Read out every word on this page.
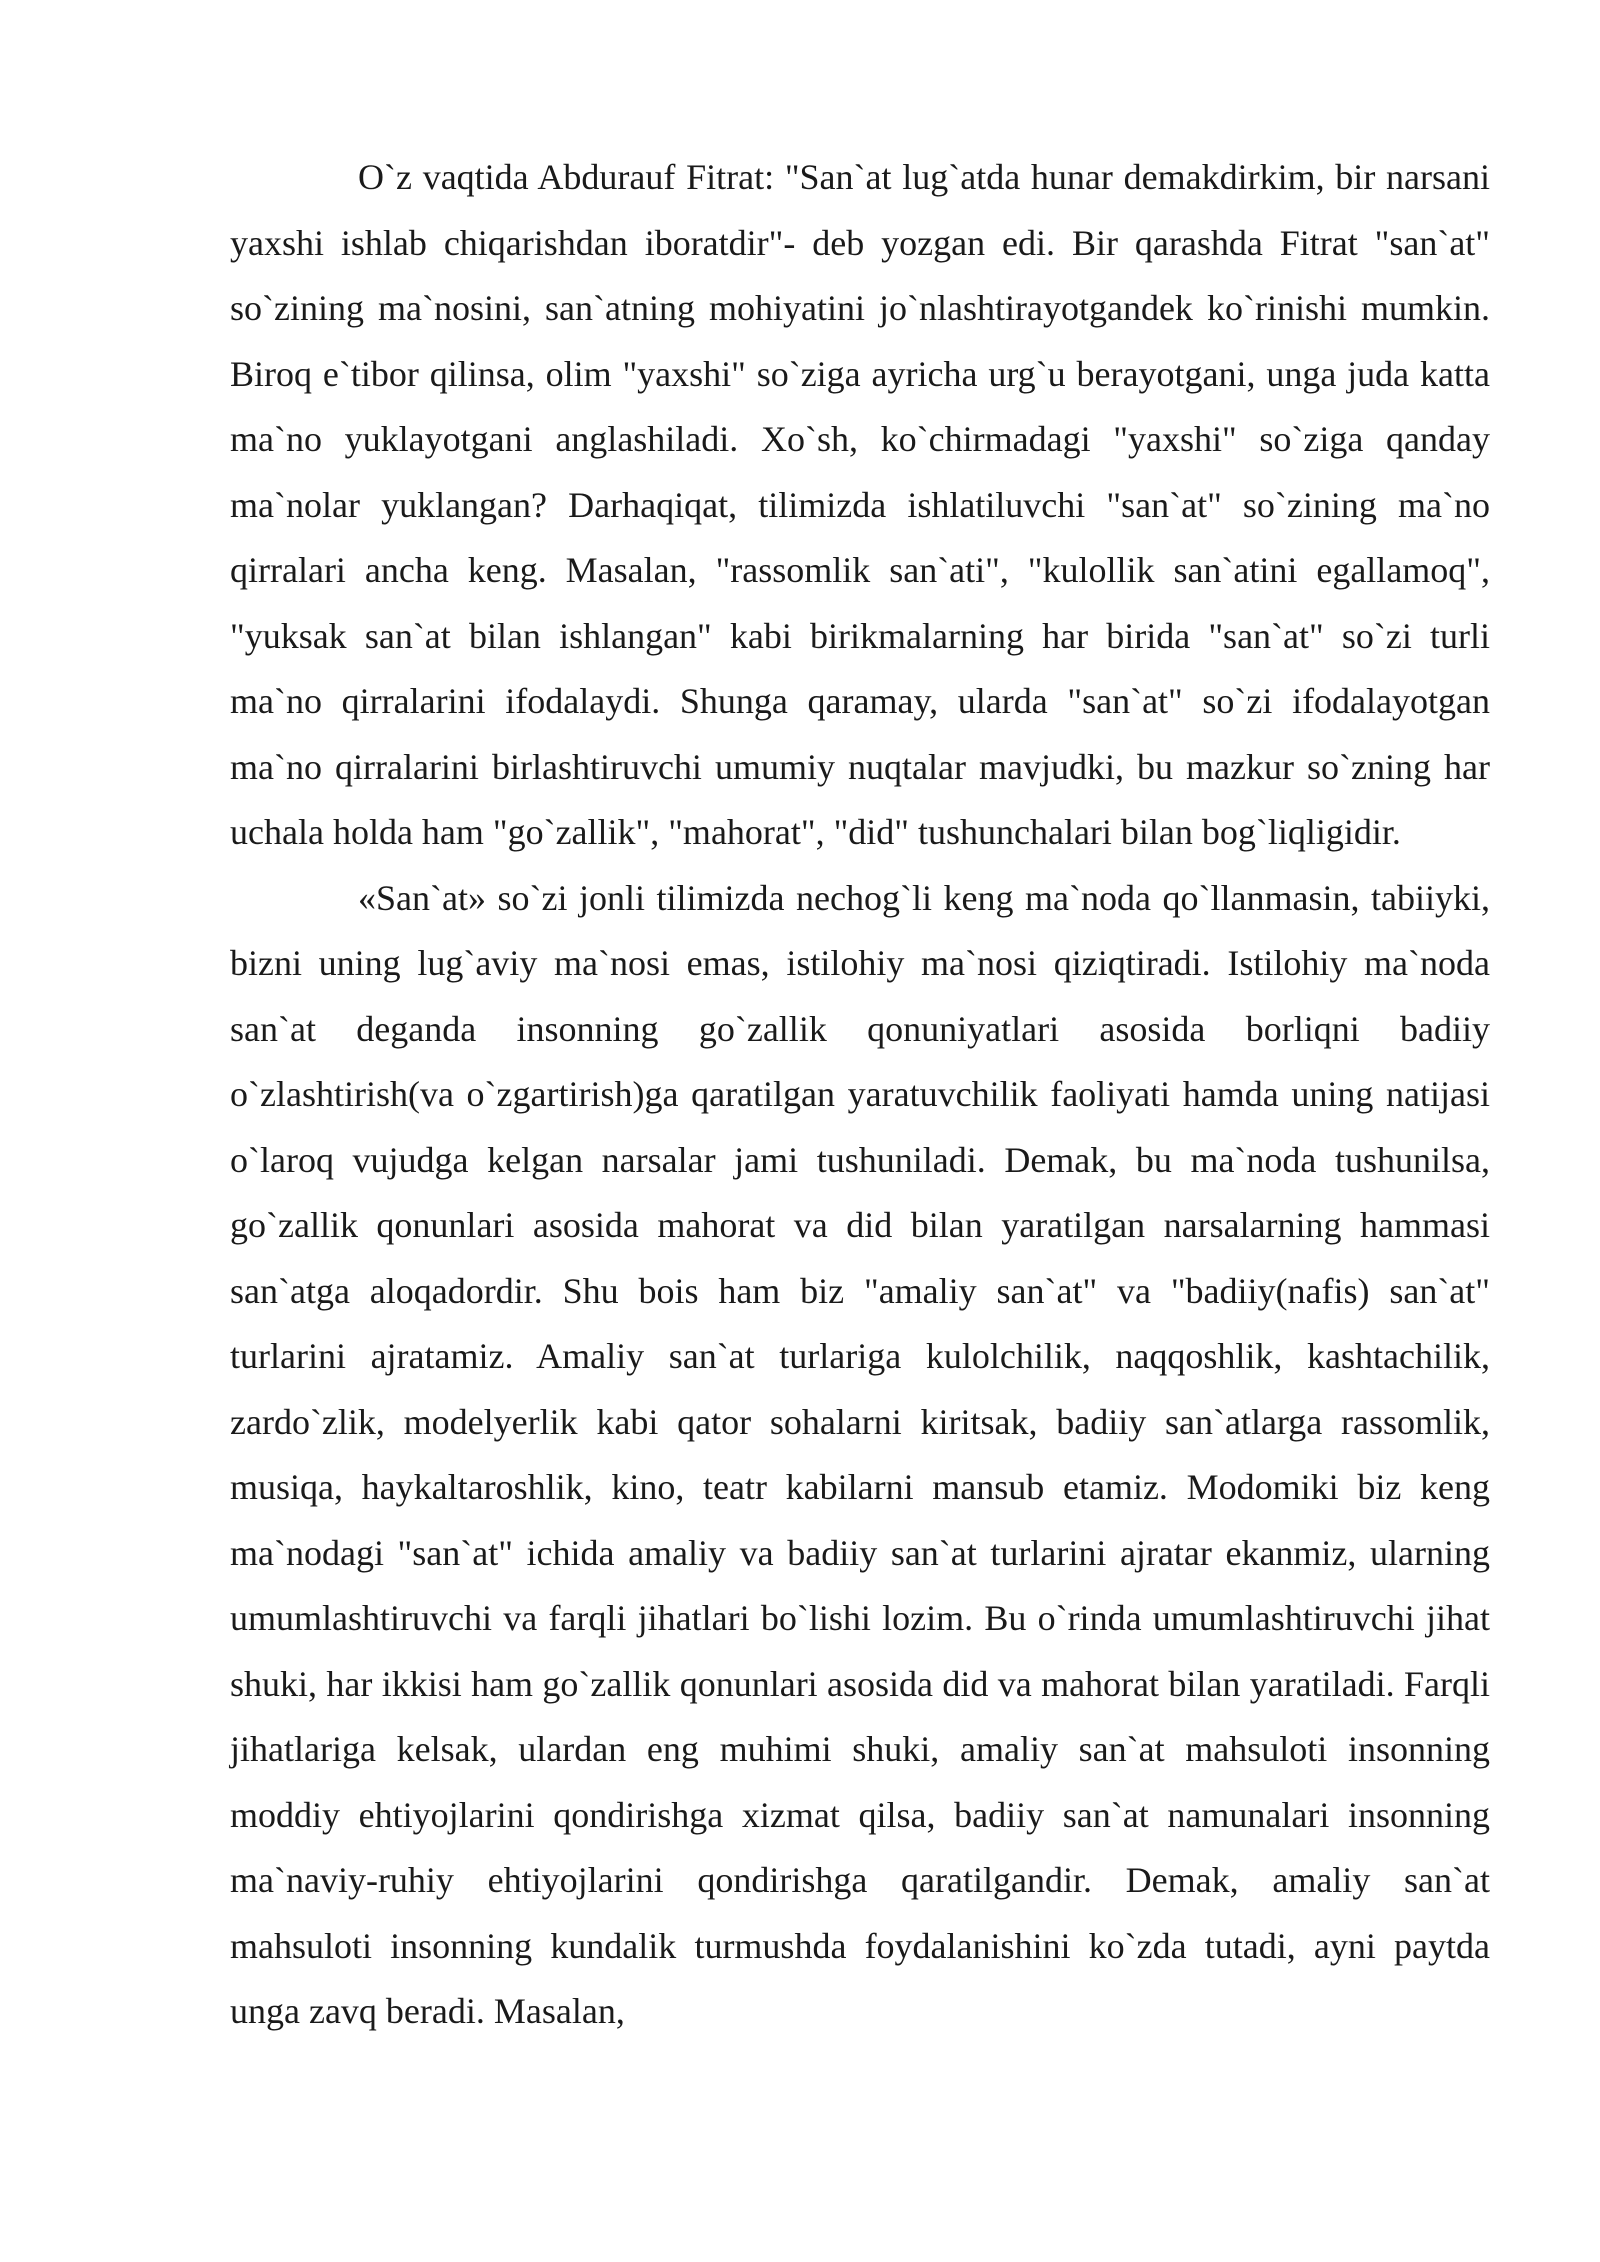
O`z vaqtida Abdurauf Fitrat: "San`at lug`atda hunar demakdirkim, bir narsani yaxshi ishlab chiqarishdan iboratdir"- deb yozgan edi. Bir qarashda Fitrat "san`at" so`zining ma`nosini, san`atning mohiyatini jo`nlashtirayotgandek ko`rinishi mumkin. Biroq e`tibor qilinsa, olim "yaxshi" so`ziga ayricha urg`u berayotgani, unga juda katta ma`no yuklayotgani anglashiladi. Xo`sh, ko`chirmadagi "yaxshi" so`ziga qanday ma`nolar yuklangan? Darhaqiqat, tilimizda ishlatiluvchi "san`at" so`zining ma`no qirralari ancha keng. Masalan, "rassomlik san`ati", "kulollik san`atini egallamoq", "yuksak san`at bilan ishlangan" kabi birikmalarning har birida "san`at" so`zi turli ma`no qirralarini ifodalaydi. Shunga qaramay, ularda "san`at" so`zi ifodalayotgan ma`no qirralarini birlashtiruvchi umumiy nuqtalar mavjudki, bu mazkur so`zning har uchala holda ham "go`zallik", "mahorat", "did" tushunchalari bilan bog`liqligidir.

«San`at» so`zi jonli tilimizda nechog`li keng ma`noda qo`llanmasin, tabiiyki, bizni uning lug`aviy ma`nosi emas, istilohiy ma`nosi qiziqtiradi. Istilohiy ma`noda san`at deganda insonning go`zallik qonuniyatlari asosida borliqni badiiy o`zlashtirish(va o`zgartirish)ga qaratilgan yaratuvchilik faoliyati hamda uning natijasi o`laroq vujudga kelgan narsalar jami tushuniladi. Demak, bu ma`noda tushunilsa, go`zallik qonunlari asosida mahorat va did bilan yaratilgan narsalarning hammasi san`atga aloqadordir. Shu bois ham biz "amaliy san`at" va "badiiy(nafis) san`at" turlarini ajratamiz. Amaliy san`at turlariga kulolchilik, naqqoshlik, kashtachilik, zardo`zlik, modelyerlik kabi qator sohalarni kiritsak, badiiy san`atlarga rassomlik, musiqa, haykaltaroshlik, kino, teatr kabilarni mansub etamiz. Modomiki biz keng ma`nodagi "san`at" ichida amaliy va badiiy san`at turlarini ajratar ekanmiz, ularning umumlashtiruvchi va farqli jihatlari bo`lishi lozim. Bu o`rinda umumlashtiruvchi jihat shuki, har ikkisi ham go`zallik qonunlari asosida did va mahorat bilan yaratiladi. Farqli jihatlariga kelsak, ulardan eng muhimi shuki, amaliy san`at mahsuloti insonning moddiy ehtiyojlarini qondirishga xizmat qilsa, badiiy san`at namunalari insonning ma`naviy-ruhiy ehtiyojlarini qondirishga qaratilgandir. Demak, amaliy san`at mahsuloti insonning kundalik turmushda foydalanishini ko`zda tutadi, ayni paytda unga zavq beradi. Masalan,
